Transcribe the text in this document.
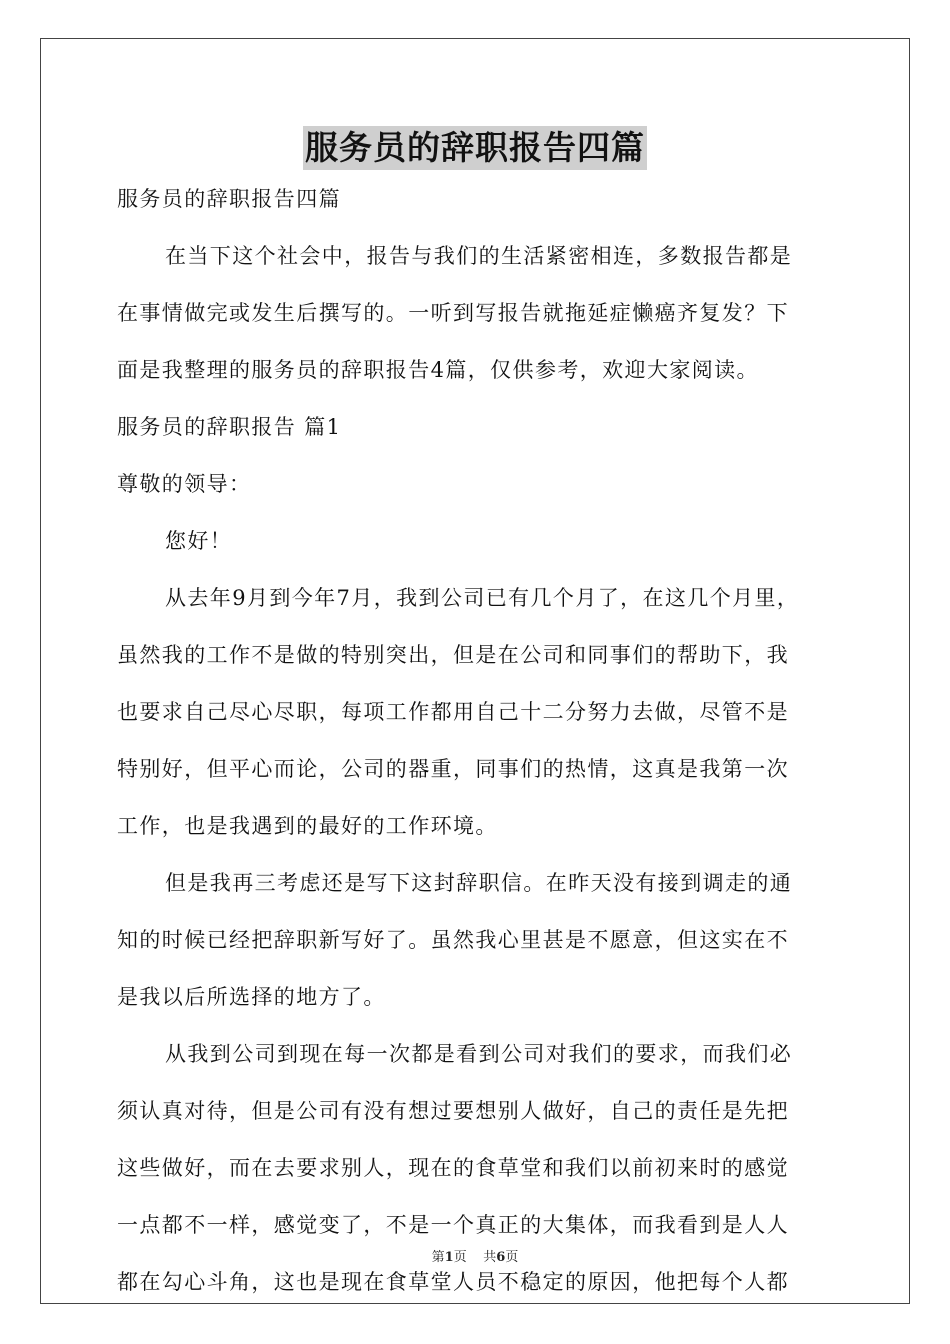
服务员的辞职报告四篇
服务员的辞职报告四篇
在当下这个社会中，报告与我们的生活紧密相连，多数报告都是
在事情做完或发生后撰写的。一听到写报告就拖延症懒癌齐复发？下
面是我整理的服务员的辞职报告4篇，仅供参考，欢迎大家阅读。
服务员的辞职报告 篇1
尊敬的领导：
您好！
从去年9月到今年7月，我到公司已有几个月了，在这几个月里，
虽然我的工作不是做的特别突出，但是在公司和同事们的帮助下，我
也要求自己尽心尽职，每项工作都用自己十二分努力去做，尽管不是
特别好，但平心而论，公司的器重，同事们的热情，这真是我第一次
工作，也是我遇到的最好的工作环境。
但是我再三考虑还是写下这封辞职信。在昨天没有接到调走的通
知的时候已经把辞职新写好了。虽然我心里甚是不愿意，但这实在不
是我以后所选择的地方了。
从我到公司到现在每一次都是看到公司对我们的要求，而我们必
须认真对待，但是公司有没有想过要想别人做好，自己的责任是先把
这些做好，而在去要求别人，现在的食草堂和我们以前初来时的感觉
一点都不一样，感觉变了，不是一个真正的大集体，而我看到是人人
都在勾心斗角，这也是现在食草堂人员不稳定的原因，他把每个人都
第1页 共6页
